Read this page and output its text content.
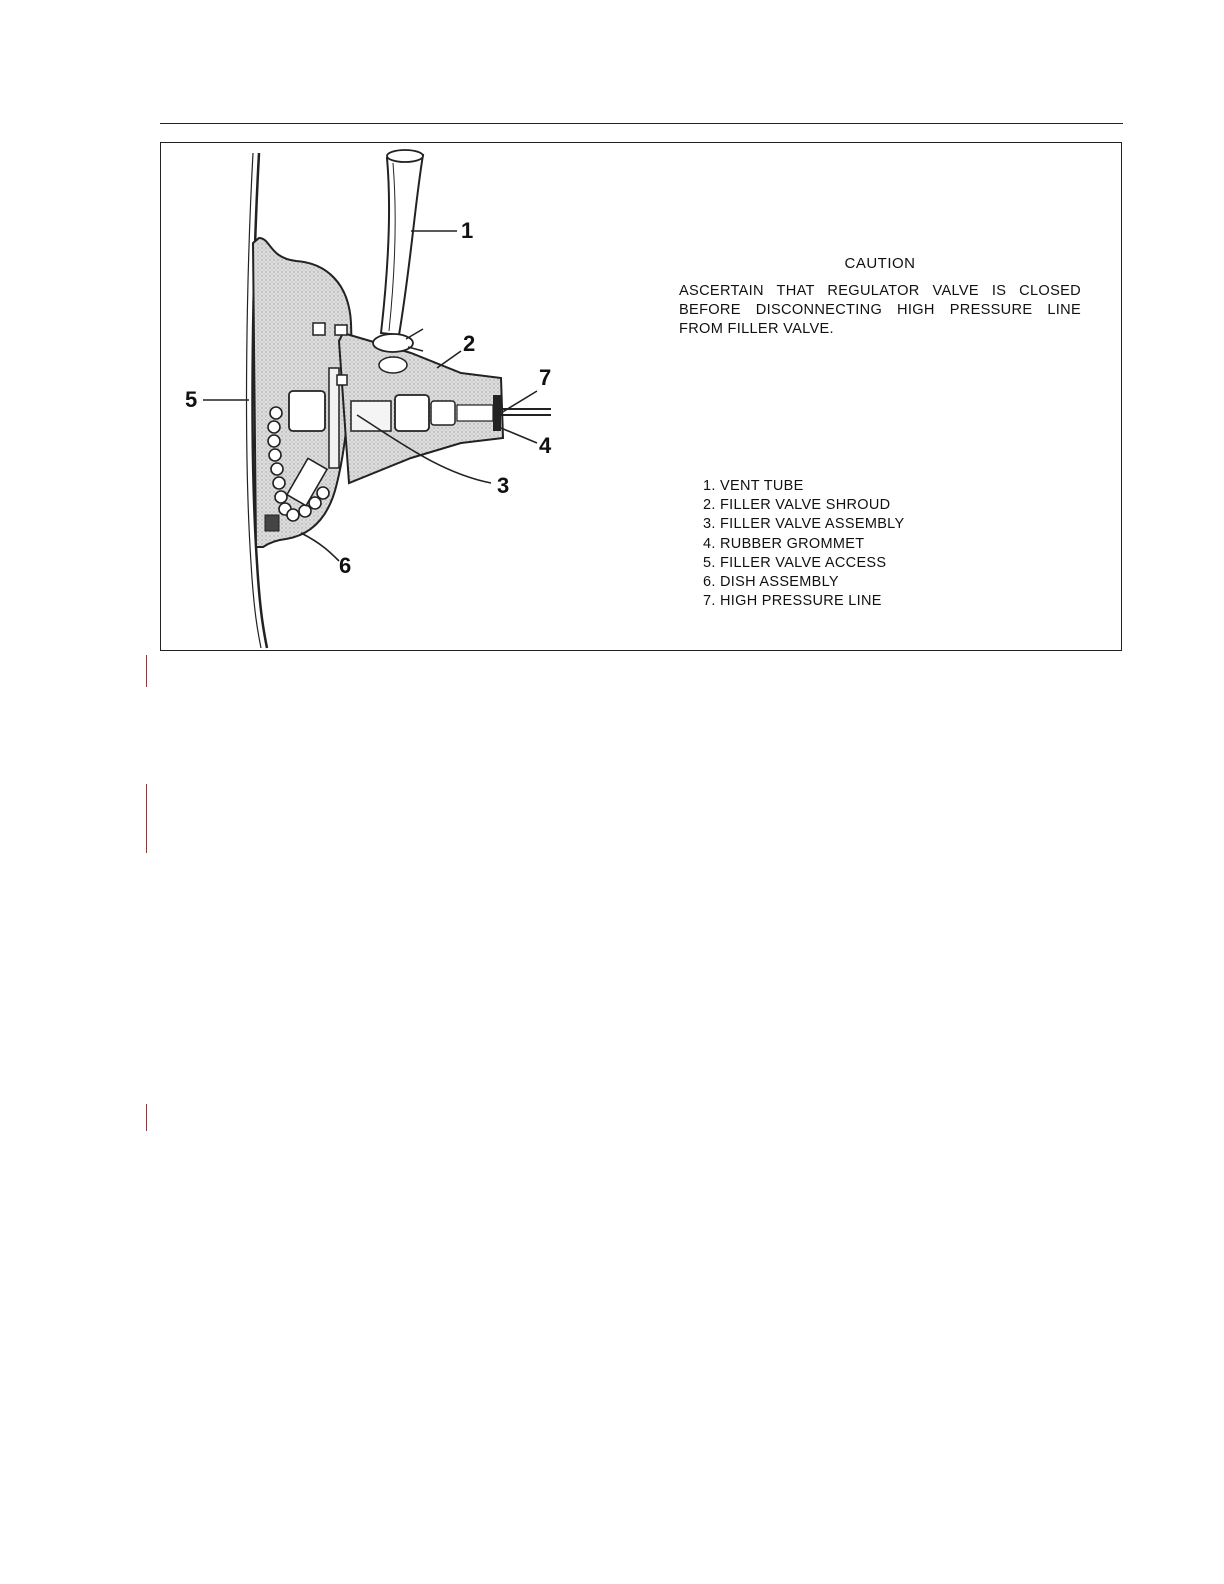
1
2
3
4
5
6
7
CAUTION
ASCERTAIN THAT REGULATOR VALVE IS CLOSED BEFORE DISCONNECTING HIGH PRESSURE LINE FROM FILLER VALVE.
1. VENT TUBE
2. FILLER VALVE SHROUD
3. FILLER VALVE ASSEMBLY
4. RUBBER GROMMET
5. FILLER VALVE ACCESS
6. DISH ASSEMBLY
7. HIGH PRESSURE LINE
